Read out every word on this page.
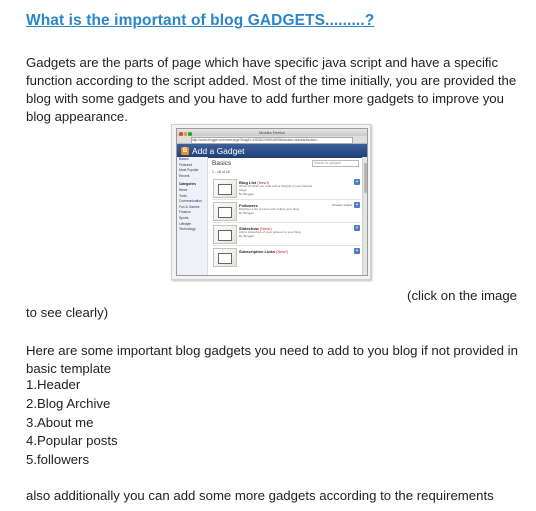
What is the important of blog GADGETS.........?

Gadgets are the parts of page which have specific java script and have a specific function according to the script added. Most of the time initially, you are provided the blog with some gadgets and you have to add further more gadgets to improve you blog appearance.

Mozilla Firefox
http://www.blogger.com/rearrange?blogID=1083622494944908&section=sidebar&action=
B Add a Gadget
Basics
Featured
Most Popular
Recent
Categories
News
Tools
Communication
Fun & Games
Finance
Sports
Lifestyle
Technology
Basics	Search for gadgets
1 - 18 of 18
Blog List (New!)
Show off what you read with a blogroll of your favorite blogs.
By Blogger
+
Followers
Displays a list of users who follow your blog.
By Blogger
Already added +
Slideshow (New!)
Add a slideshow of your pictures to your blog.
By Blogger
+
Subscription Links (New!)	+

(click on the image

to see clearly)

Here are some important blog gadgets you need to add to you blog if not provided in basic template

1.Header
2.Blog Archive
3.About me
4.Popular posts
5.followers

also additionally you can add some more gadgets according to the requirements
